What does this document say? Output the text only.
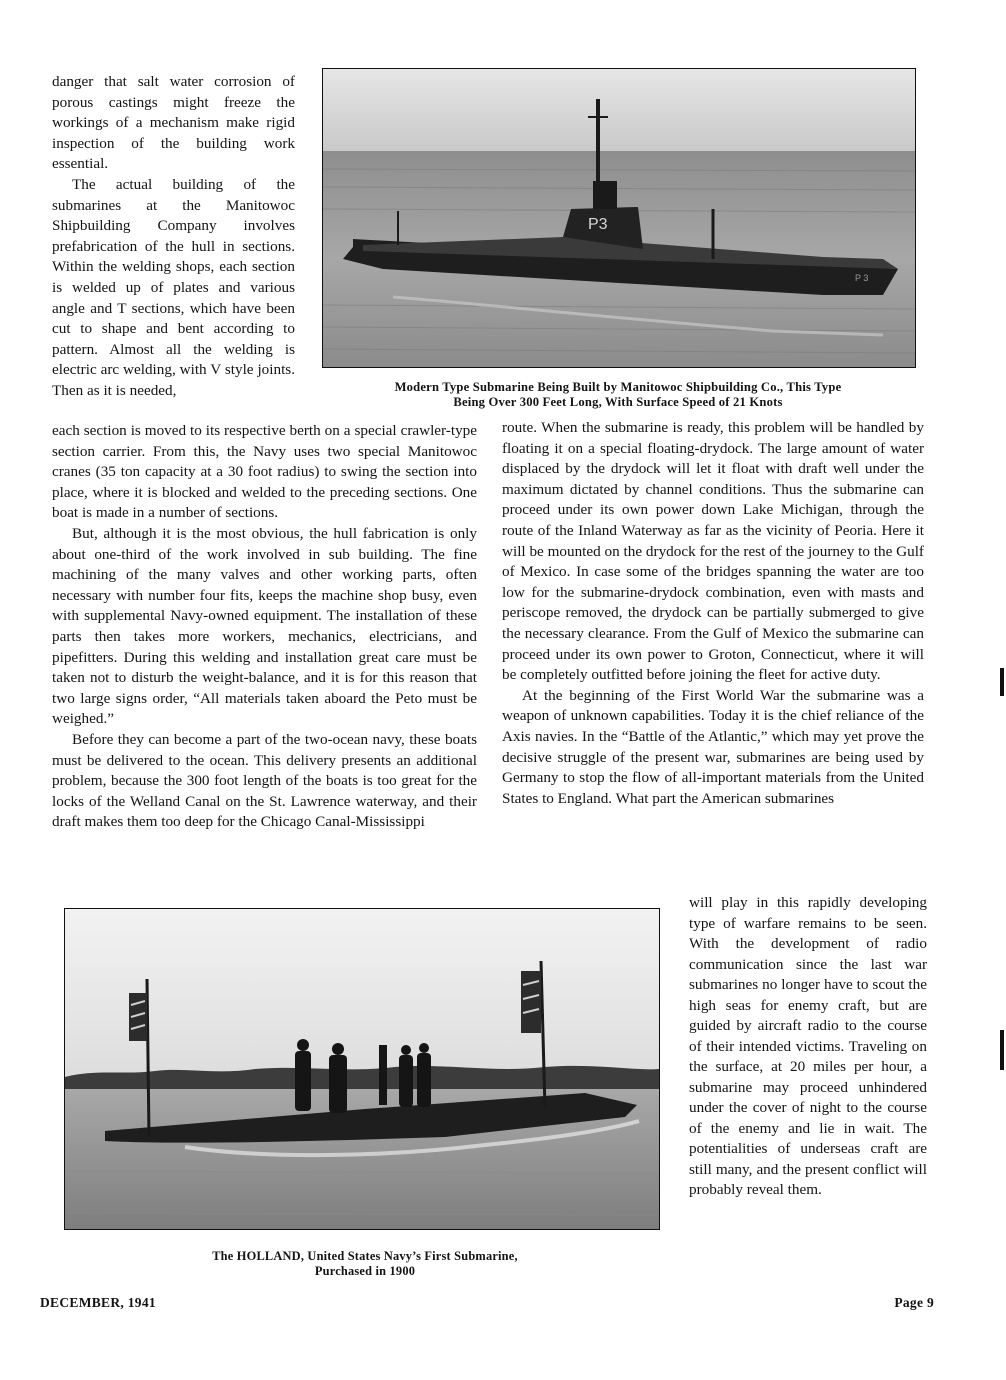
danger that salt water corrosion of porous castings might freeze the workings of a mechanism make rigid inspection of the building work essential.

The actual building of the submarines at the Manitowoc Shipbuilding Company involves prefabrication of the hull in sections. Within the welding shops, each section is welded up of plates and various angle and T sections, which have been cut to shape and bent according to pattern. Almost all the welding is electric arc welding, with V style joints. Then as it is needed,

P3
P 3
Modern Type Submarine Being Built by Manitowoc Shipbuilding Co., This Type
Being Over 300 Feet Long, With Surface Speed of 21 Knots

each section is moved to its respective berth on a special crawler-type section carrier. From this, the Navy uses two special Manitowoc cranes (35 ton capacity at a 30 foot radius) to swing the section into place, where it is blocked and welded to the preceding sections. One boat is made in a number of sections.

But, although it is the most obvious, the hull fabrication is only about one-third of the work involved in sub building. The fine machining of the many valves and other working parts, often necessary with number four fits, keeps the machine shop busy, even with supplemental Navy-owned equipment. The installation of these parts then takes more workers, mechanics, electricians, and pipefitters. During this welding and installation great care must be taken not to disturb the weight-balance, and it is for this reason that two large signs order, “All materials taken aboard the Peto must be weighed.”

Before they can become a part of the two-ocean navy, these boats must be delivered to the ocean. This delivery presents an additional problem, because the 300 foot length of the boats is too great for the locks of the Welland Canal on the St. Lawrence waterway, and their draft makes them too deep for the Chicago Canal-Mississippi

route. When the submarine is ready, this problem will be handled by floating it on a special floating-drydock. The large amount of water displaced by the drydock will let it float with draft well under the maximum dictated by channel conditions. Thus the submarine can proceed under its own power down Lake Michigan, through the route of the Inland Waterway as far as the vicinity of Peoria. Here it will be mounted on the drydock for the rest of the journey to the Gulf of Mexico. In case some of the bridges spanning the water are too low for the submarine-drydock combination, even with masts and periscope removed, the drydock can be partially submerged to give the necessary clearance. From the Gulf of Mexico the submarine can proceed under its own power to Groton, Connecticut, where it will be completely outfitted before joining the fleet for active duty.

At the beginning of the First World War the submarine was a weapon of unknown capabilities. Today it is the chief reliance of the Axis navies. In the “Battle of the Atlantic,” which may yet prove the decisive struggle of the present war, submarines are being used by Germany to stop the flow of all-important materials from the United States to England. What part the American submarines

The HOLLAND, United States Navy’s First Submarine,
Purchased in 1900

will play in this rapidly developing type of warfare remains to be seen. With the development of radio communication since the last war submarines no longer have to scout the high seas for enemy craft, but are guided by aircraft radio to the course of their intended victims. Traveling on the surface, at 20 miles per hour, a submarine may proceed unhindered under the cover of night to the course of the enemy and lie in wait. The potentialities of underseas craft are still many, and the present conflict will probably reveal them.

DECEMBER, 1941	Page 9
